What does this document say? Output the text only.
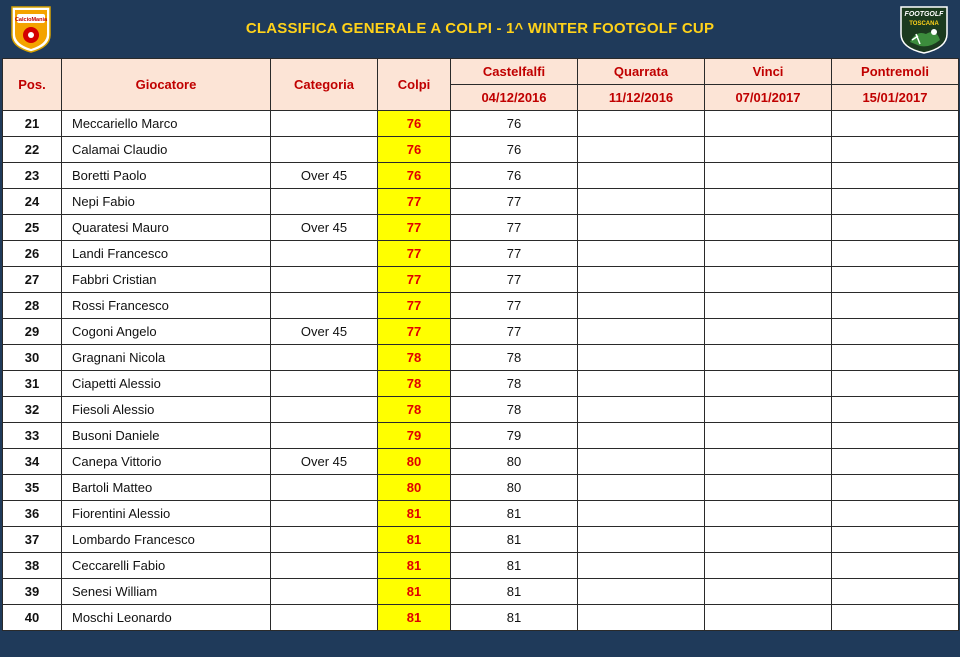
CalcioMania	CLASSIFICA GENERALE A COLPI - 1^ WINTER FOOTGOLF CUP
FOOTGOLF
TOSCANA
Pos.	Giocatore	Categoria	Colpi	Castelfalfi	Quarrata	Vinci	Pontremoli
				04/12/2016	11/12/2016	07/01/2017	15/01/2017
21	Meccariello Marco		76	76			
22	Calamai Claudio		76	76			
23	Boretti Paolo	Over 45	76	76			
24	Nepi Fabio		77	77			
25	Quaratesi Mauro	Over 45	77	77			
26	Landi Francesco		77	77			
27	Fabbri Cristian		77	77			
28	Rossi Francesco		77	77			
29	Cogoni Angelo	Over 45	77	77			
30	Gragnani Nicola		78	78			
31	Ciapetti Alessio		78	78			
32	Fiesoli Alessio		78	78			
33	Busoni Daniele		79	79			
34	Canepa Vittorio	Over 45	80	80			
35	Bartoli Matteo		80	80			
36	Fiorentini Alessio		81	81			
37	Lombardo Francesco		81	81			
38	Ceccarelli Fabio		81	81			
39	Senesi William		81	81			
40	Moschi Leonardo		81	81			
